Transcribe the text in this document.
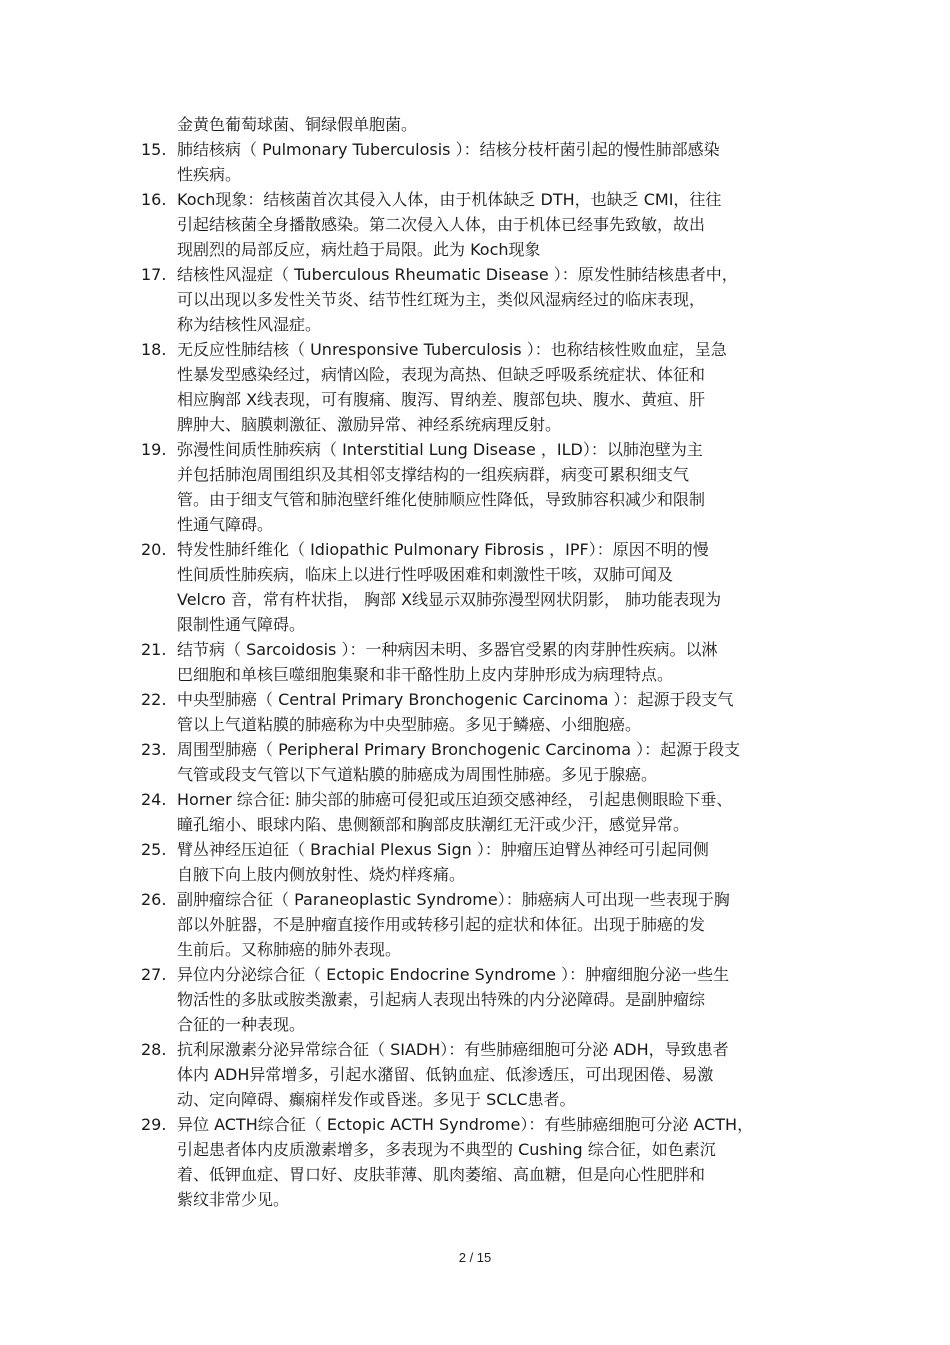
金黄色葡萄球菌、铜绿假单胞菌。
15. 肺结核病（ Pulmonary Tuberculosis ）：结核分枝杆菌引起的慢性肺部感染
性疾病。
16. Koch现象：结核菌首次其侵入人体，由于机体缺乏 DTH，也缺乏 CMI，往往
引起结核菌全身播散感染。第二次侵入人体，由于机体已经事先致敏，故出
现剧烈的局部反应，病灶趋于局限。此为 Koch现象
17. 结核性风湿症（ Tuberculous Rheumatic Disease ）：原发性肺结核患者中，
可以出现以多发性关节炎、结节性红斑为主，类似风湿病经过的临床表现，
称为结核性风湿症。
18. 无反应性肺结核（ Unresponsive Tuberculosis ）：也称结核性败血症，呈急
性暴发型感染经过，病情凶险，表现为高热、但缺乏呼吸系统症状、体征和
相应胸部 X线表现，可有腹痛、腹泻、胃纳差、腹部包块、腹水、黄疸、肝
脾肿大、脑膜刺激征、激励异常、神经系统病理反射。
19. 弥漫性间质性肺疾病（ Interstitial Lung Disease ，ILD）：以肺泡壁为主
并包括肺泡周围组织及其相邻支撑结构的一组疾病群，病变可累积细支气
管。由于细支气管和肺泡壁纤维化使肺顺应性降低，导致肺容积减少和限制
性通气障碍。
20. 特发性肺纤维化（ Idiopathic Pulmonary Fibrosis ，IPF）：原因不明的慢
性间质性肺疾病，临床上以进行性呼吸困难和刺激性干咳，双肺可闻及
Velcro 音，常有杵状指， 胸部 X线显示双肺弥漫型网状阴影， 肺功能表现为
限制性通气障碍。
21. 结节病（ Sarcoidosis ）：一种病因未明、多器官受累的肉芽肿性疾病。以淋
巴细胞和单核巨噬细胞集聚和非干酪性肋上皮内芽肿形成为病理特点。
22. 中央型肺癌（ Central Primary Bronchogenic Carcinoma ）：起源于段支气
管以上气道粘膜的肺癌称为中央型肺癌。多见于鳞癌、小细胞癌。
23. 周围型肺癌（ Peripheral Primary Bronchogenic Carcinoma ）：起源于段支
气管或段支气管以下气道粘膜的肺癌成为周围性肺癌。多见于腺癌。
24. Horner 综合征: 肺尖部的肺癌可侵犯或压迫颈交感神经， 引起患侧眼睑下垂、
瞳孔缩小、眼球内陷、患侧额部和胸部皮肤潮红无汗或少汗，感觉异常。
25. 臂丛神经压迫征（ Brachial Plexus Sign ）：肿瘤压迫臂丛神经可引起同侧
自腋下向上肢内侧放射性、烧灼样疼痛。
26. 副肿瘤综合征（ Paraneoplastic Syndrome）：肺癌病人可出现一些表现于胸
部以外脏器，不是肿瘤直接作用或转移引起的症状和体征。出现于肺癌的发
生前后。又称肺癌的肺外表现。
27. 异位内分泌综合征（ Ectopic Endocrine Syndrome ）：肿瘤细胞分泌一些生
物活性的多肽或胺类激素，引起病人表现出特殊的内分泌障碍。是副肿瘤综
合征的一种表现。
28. 抗利尿激素分泌异常综合征（ SIADH）：有些肺癌细胞可分泌 ADH，导致患者
体内 ADH异常增多，引起水潴留、低钠血症、低渗透压，可出现困倦、易激
动、定向障碍、癫痫样发作或昏迷。多见于 SCLC患者。
29. 异位 ACTH综合征（ Ectopic ACTH Syndrome）：有些肺癌细胞可分泌 ACTH，
引起患者体内皮质激素增多，多表现为不典型的 Cushing 综合征，如色素沉
着、低钾血症、胃口好、皮肤菲薄、肌肉萎缩、高血糖，但是向心性肥胖和
紫纹非常少见。
2 / 15
